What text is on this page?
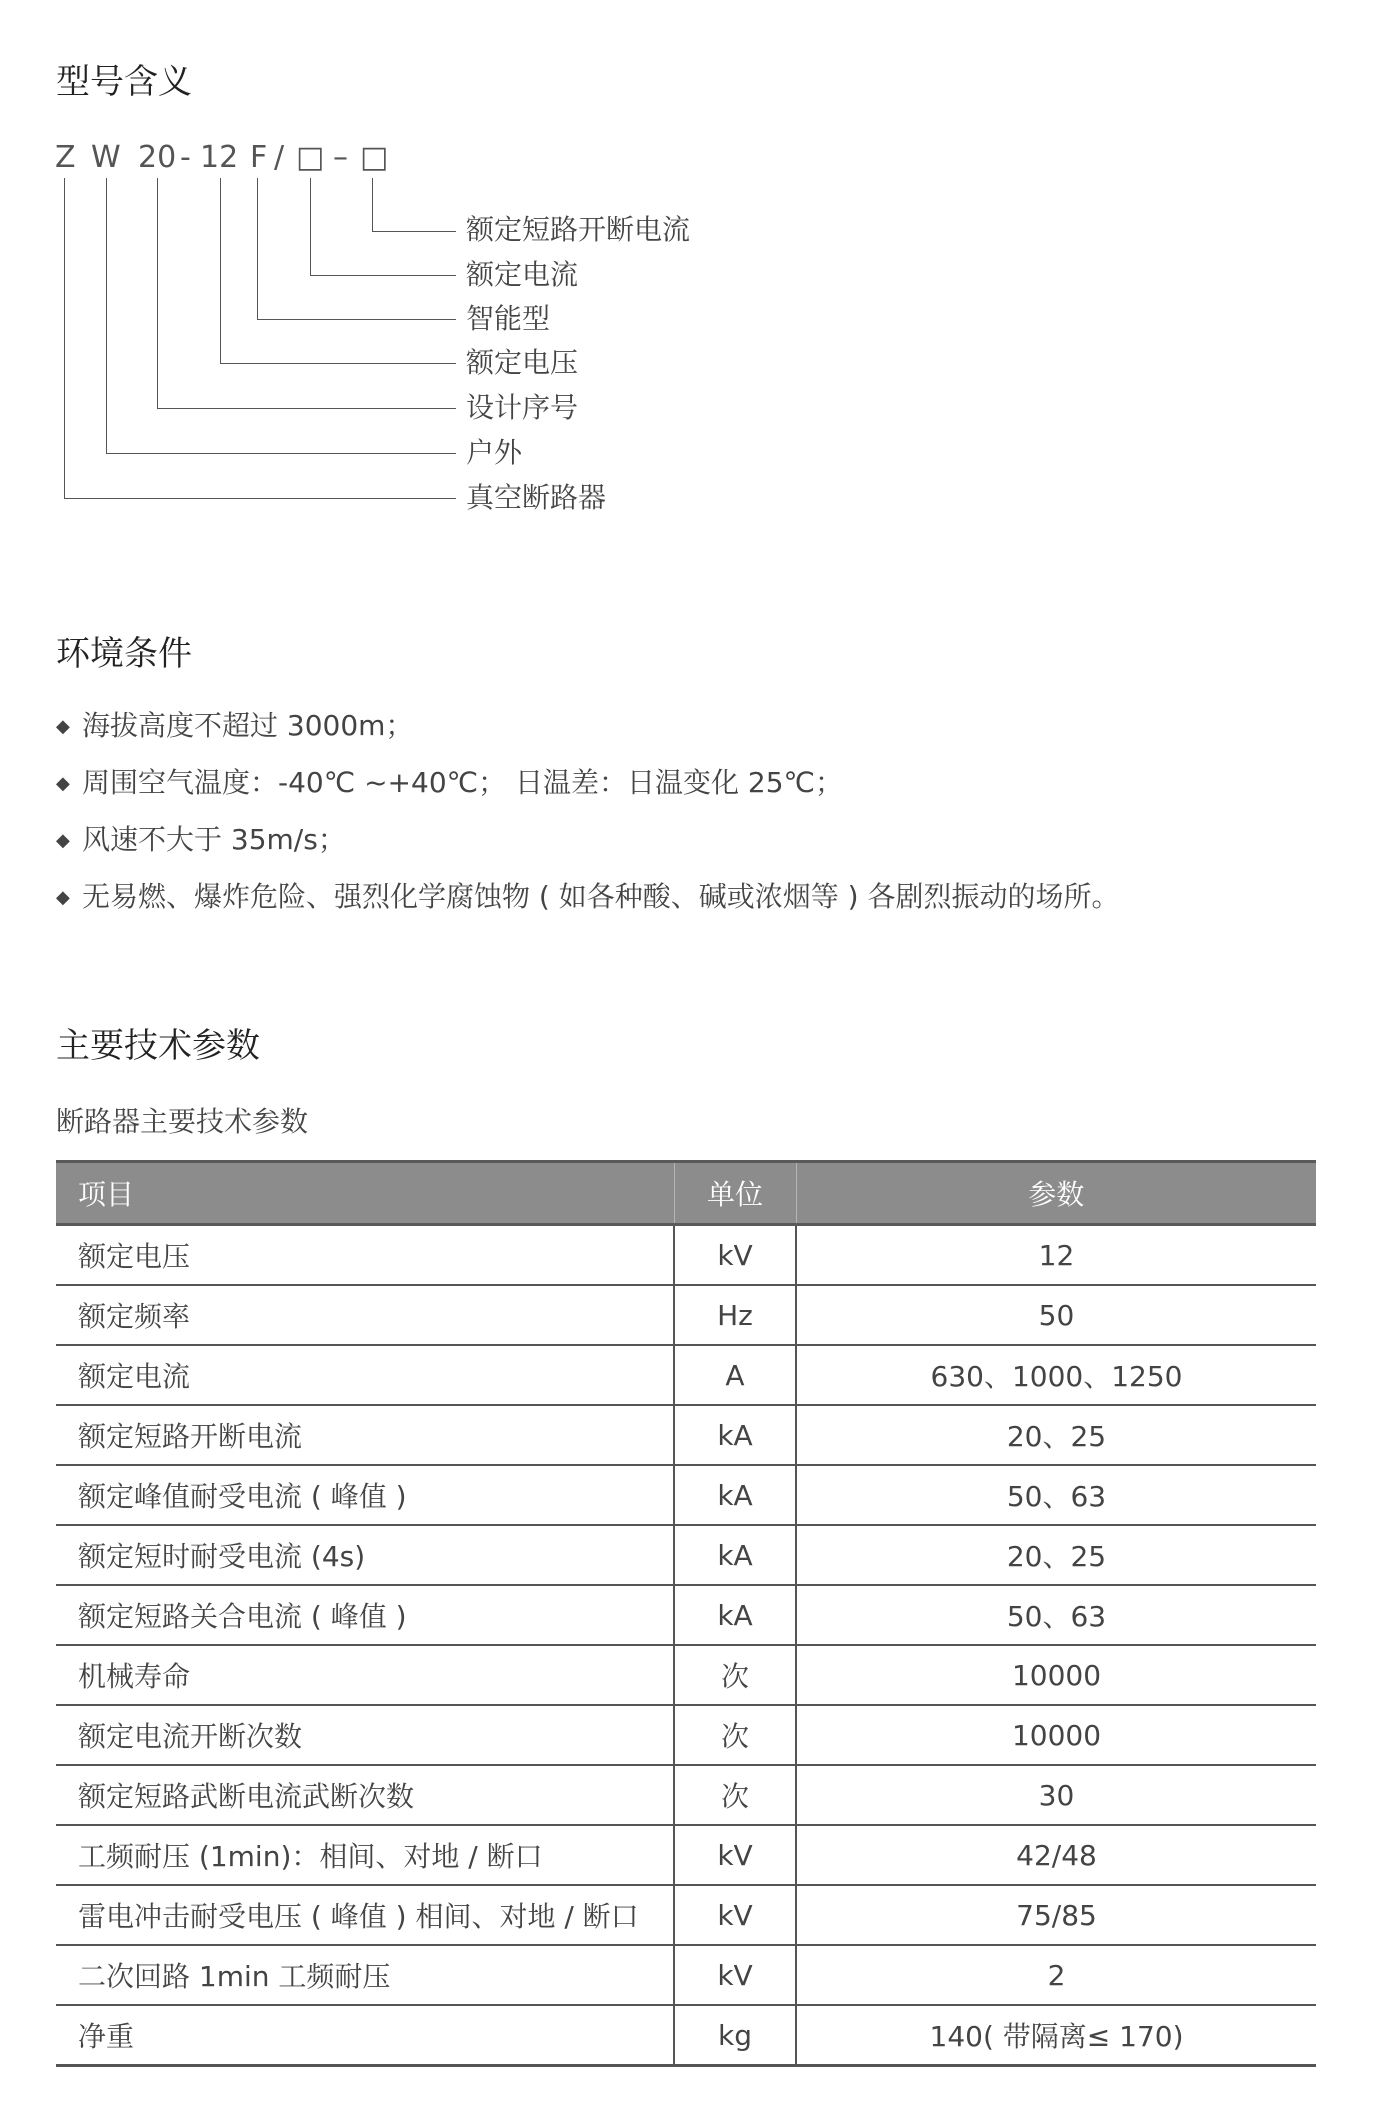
型号含义
Z W 20 - 12 F / □ – □
额定短路开断电流
额定电流
智能型
额定电压
设计序号
户外
真空断路器
环境条件
◆ 海拔高度不超过 3000m；
◆ 周围空气温度：-40℃ ~+40℃； 日温差：日温变化 25℃；
◆ 风速不大于 35m/s；
◆ 无易燃、爆炸危险、强烈化学腐蚀物 ( 如各种酸、碱或浓烟等 ) 各剧烈振动的场所。
主要技术参数
断路器主要技术参数
项目	单位	参数
额定电压	kV	12
额定频率	Hz	50
额定电流	A	630、1000、1250
额定短路开断电流	kA	20、25
额定峰值耐受电流 ( 峰值 )	kA	50、63
额定短时耐受电流 (4s)	kA	20、25
额定短路关合电流 ( 峰值 )	kA	50、63
机械寿命	次	10000
额定电流开断次数	次	10000
额定短路武断电流武断次数	次	30
工频耐压 (1min)：相间、对地 / 断口	kV	42/48
雷电冲击耐受电压 ( 峰值 ) 相间、对地 / 断口	kV	75/85
二次回路 1min 工频耐压	kV	2
净重	kg	140( 带隔离≤ 170)
